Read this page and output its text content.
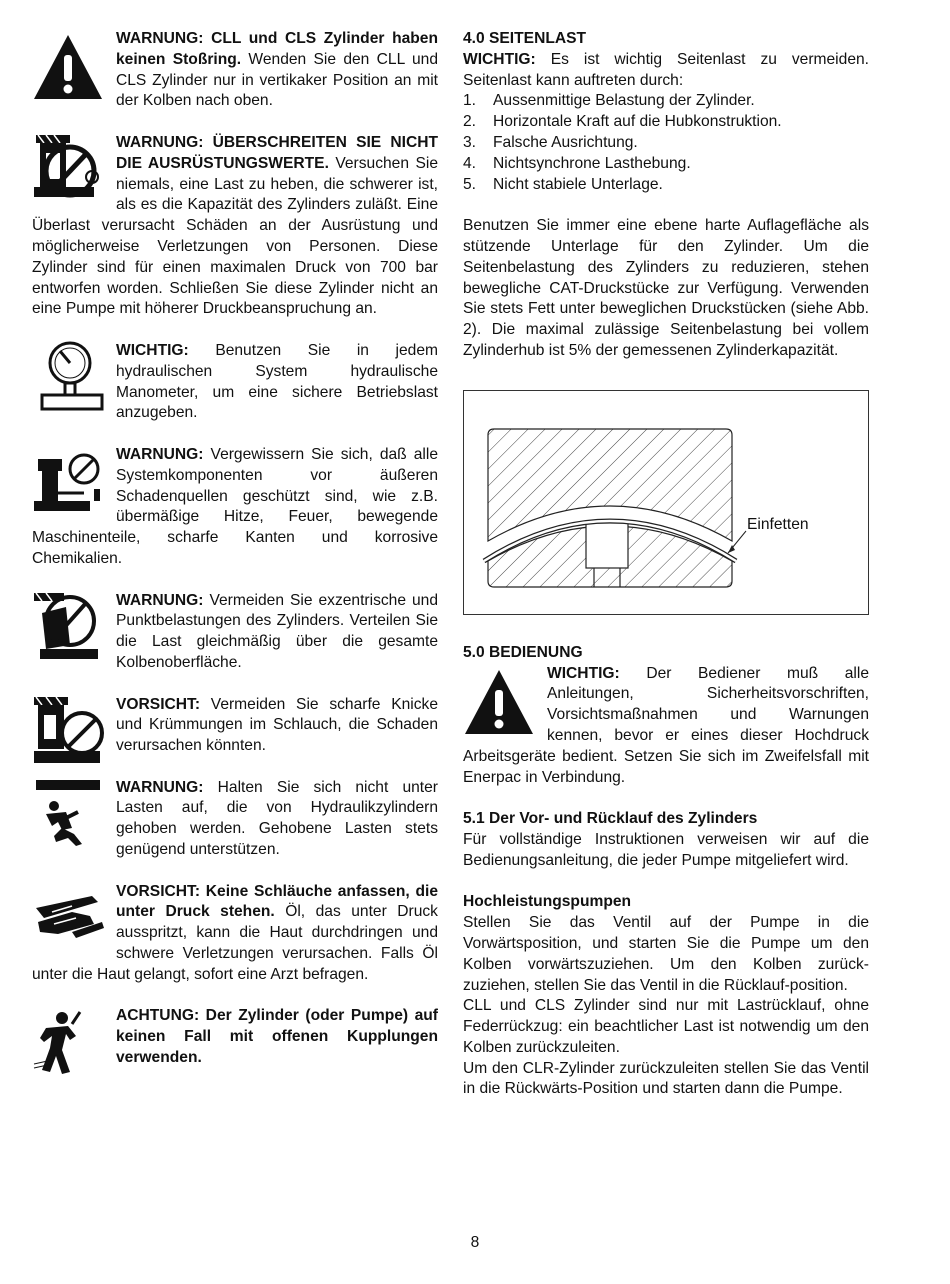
WARNUNG: CLL und CLS Zylinder haben keinen Stoßring. Wenden Sie den CLL und CLS Zylinder nur in vertikaker Position an mit der Kolben nach oben.

WARNUNG: ÜBERSCHREITEN SIE NICHT DIE AUSRÜSTUNGSWERTE. Versuchen Sie niemals, eine Last zu heben, die schwerer ist, als es die Kapazität des Zylinders zuläßt. Eine Überlast verursacht Schäden an der Ausrüstung und möglicherweise Verletzungen von Personen. Diese Zylinder sind für einen maximalen Druck von 700 bar entworfen worden. Schließen Sie diese Zylinder nicht an eine Pumpe mit höherer Druckbeanspruchung an.

WICHTIG: Benutzen Sie in jedem hydraulischen System hydraulische Manometer, um eine sichere Betriebslast anzugeben.

WARNUNG: Vergewissern Sie sich, daß alle Systemkomponenten vor äußeren Schadenquellen geschützt sind, wie z.B. übermäßige Hitze, Feuer, bewegende Maschinenteile, scharfe Kanten und korrosive Chemikalien.

WARNUNG: Vermeiden Sie exzentrische und Punktbelastungen des Zylinders. Verteilen Sie die Last gleichmäßig über die gesamte Kolbenoberfläche.

VORSICHT: Vermeiden Sie scharfe Knicke und Krümmungen im Schlauch, die Schaden verursachen könnten.

WARNUNG: Halten Sie sich nicht unter Lasten auf, die von Hydraulikzylindern gehoben werden. Gehobene Lasten stets genügend unterstützen.

VORSICHT: Keine Schläuche anfassen, die unter Druck stehen. Öl, das unter Druck ausspritzt, kann die Haut durchdringen und schwere Verletzungen verursachen. Falls Öl unter die Haut gelangt, sofort eine Arzt befragen.

ACHTUNG: Der Zylinder (oder Pumpe) auf keinen Fall mit offenen Kupplungen verwenden.

4.0 SEITENLAST

WICHTIG: Es ist wichtig Seitenlast zu vermeiden. Seitenlast kann auftreten durch:

1. Aussenmittige Belastung der Zylinder.
2. Horizontale Kraft auf die Hubkonstruktion.
3. Falsche Ausrichtung.
4. Nichtsynchrone Lasthebung.
5. Nicht stabiele Unterlage.

Benutzen Sie immer eine ebene harte Auflagefläche als stützende Unterlage für den Zylinder. Um die Seitenbelastung des Zylinders zu reduzieren, stehen bewegliche CAT-Druckstücke zur Verfügung. Verwenden Sie stets Fett unter beweglichen Druckstücken (siehe Abb. 2). Die maximal zulässige Seitenbelastung bei vollem Zylinderhub ist 5% der gemessenen Zylinderkapazität.

Einfetten

5.0 BEDIENUNG

WICHTIG: Der Bediener muß alle Anleitungen, Sicherheitsvorschriften, Vorsichtsmaßnahmen und Warnungen kennen, bevor er eines dieser Hochdruck Arbeitsgeräte bedient. Setzen Sie sich im Zweifelsfall mit Enerpac in Verbindung.

5.1 Der Vor- und Rücklauf des Zylinders

Für vollständige Instruktionen verweisen wir auf die Bedienungsanleitung, die jeder Pumpe mitgeliefert wird.

Hochleistungspumpen

Stellen Sie das Ventil auf der Pumpe in die Vorwärtsposition, und starten Sie die Pumpe um den Kolben vorwärtszuziehen. Um den Kolben zurück-zuziehen, stellen Sie das Ventil in die Rücklauf-position.

CLL und CLS Zylinder sind nur mit Lastrücklauf, ohne Federrückzug: ein beachtlicher Last ist notwendig um den Kolben zurückzuleiten.

Um den CLR-Zylinder zurückzuleiten stellen Sie das Ventil in die Rückwärts-Position und starten dann die Pumpe.

8
